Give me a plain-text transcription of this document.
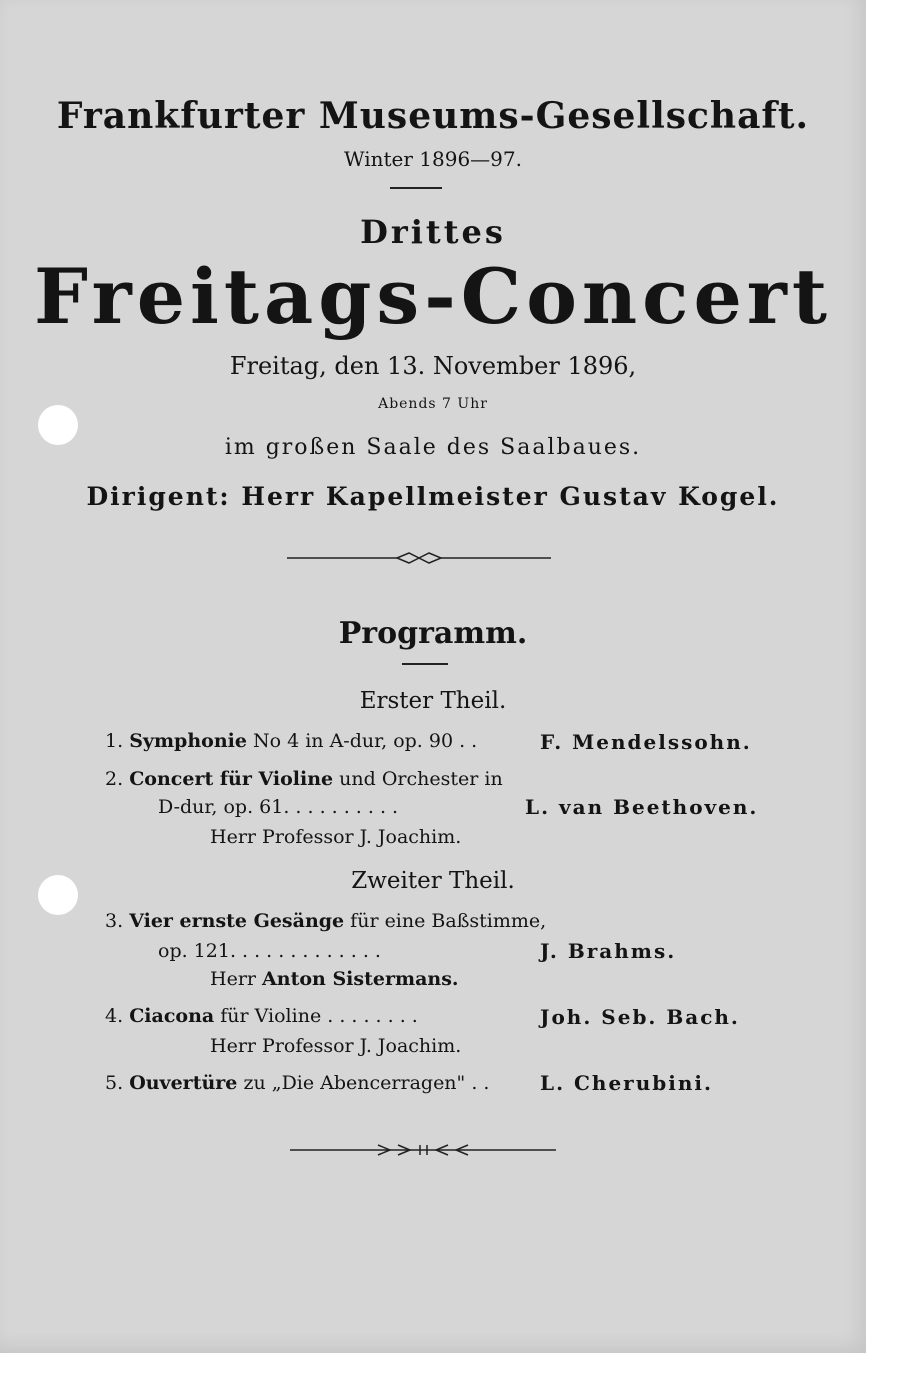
Frankfurter Museums-Gesellschaft.
Winter 1896—97.
Drittes
Freitags-Concert
Freitag, den 13. November 1896,
Abends 7 Uhr
im großen Saale des Saalbaues.
Dirigent: Herr Kapellmeister Gustav Kogel.
Programm.
Erster Theil.
1. Symphonie No 4 in A-dur, op. 90 . .	F. Mendelssohn.
2. Concert für Violine und Orchester in
D-dur, op. 61. . . . . . . . . .	L. van Beethoven.
Herr Professor J. Joachim.
Zweiter Theil.
3. Vier ernste Gesänge für eine Baßstimme,
op. 121. . . . . . . . . . . . .	J. Brahms.
Herr Anton Sistermans.
4. Ciacona für Violine . . . . . . . .	Joh. Seb. Bach.
Herr Professor J. Joachim.
5. Ouvertüre zu „Die Abencerragen" . .	L. Cherubini.
